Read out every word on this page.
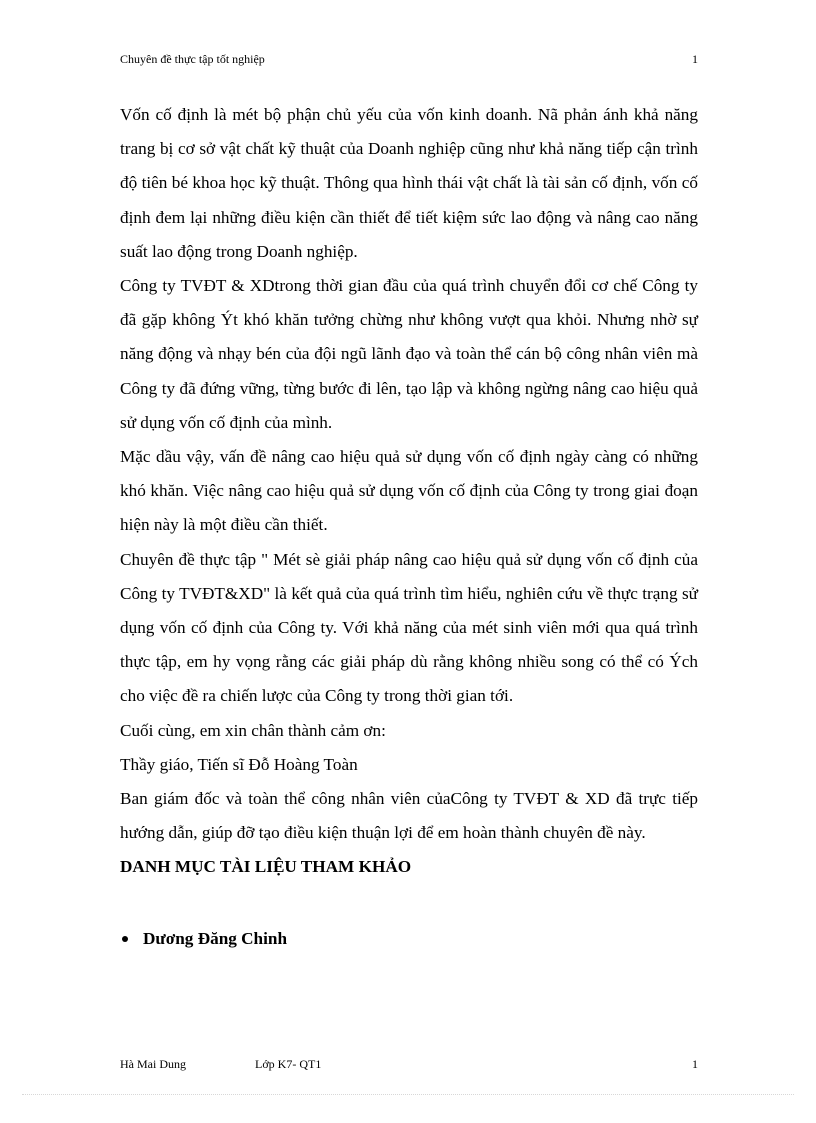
Chuyên đề thực tập tốt nghiệp	1

Vốn cố định là mét bộ phận chủ yếu của vốn kinh doanh. Nã phản ánh khả năng trang bị cơ sở vật chất kỹ thuật của Doanh nghiệp cũng như khả năng tiếp cận trình độ tiên bé khoa học kỹ thuật. Thông qua hình thái vật chất là tài sản cố định, vốn cố định đem lại những điều kiện cần thiết để tiết kiệm sức lao động và nâng cao năng suất lao động trong Doanh nghiệp.

Công ty TVĐT & XDtrong thời gian đầu của quá trình chuyển đổi cơ chế Công ty đã gặp không Ýt khó khăn tưởng chừng như không vượt qua khỏi. Nhưng nhờ sự năng động và nhạy bén của đội ngũ lãnh đạo và toàn thể cán bộ công nhân viên mà Công ty đã đứng vững, từng bước đi lên, tạo lập và không ngừng nâng cao hiệu quả sử dụng vốn cố định của mình.

Mặc dầu vậy, vấn đề nâng cao hiệu quả sử dụng vốn cố định ngày càng có những khó khăn. Việc nâng cao hiệu quả sử dụng vốn cố định của Công ty trong giai đoạn hiện này là một điều cần thiết.

Chuyên đề thực tập " Mét sè giải pháp nâng cao hiệu quả sử dụng vốn cố định của Công ty TVĐT&XD" là kết quả của quá trình tìm hiểu, nghiên cứu về thực trạng sử dụng vốn cố định của Công ty. Với khả năng của mét sinh viên mới qua quá trình thực tập, em hy vọng rằng các giải pháp dù rằng không nhiều song có thể có Ých cho việc đề ra chiến lược của Công ty trong thời gian tới.

Cuối cùng, em xin chân thành cảm ơn:

Thầy giáo, Tiến sĩ Đỗ Hoàng Toàn

Ban giám đốc và toàn thể công nhân viên củaCông ty TVĐT & XD đã trực tiếp hướng dẫn, giúp đỡ tạo điều kiện thuận lợi để em hoàn thành chuyên đề này.

DANH MỤC TÀI LIỆU THAM KHẢO

Dương Đăng Chinh
Hà Mai Dung	Lớp K7- QT1	1
